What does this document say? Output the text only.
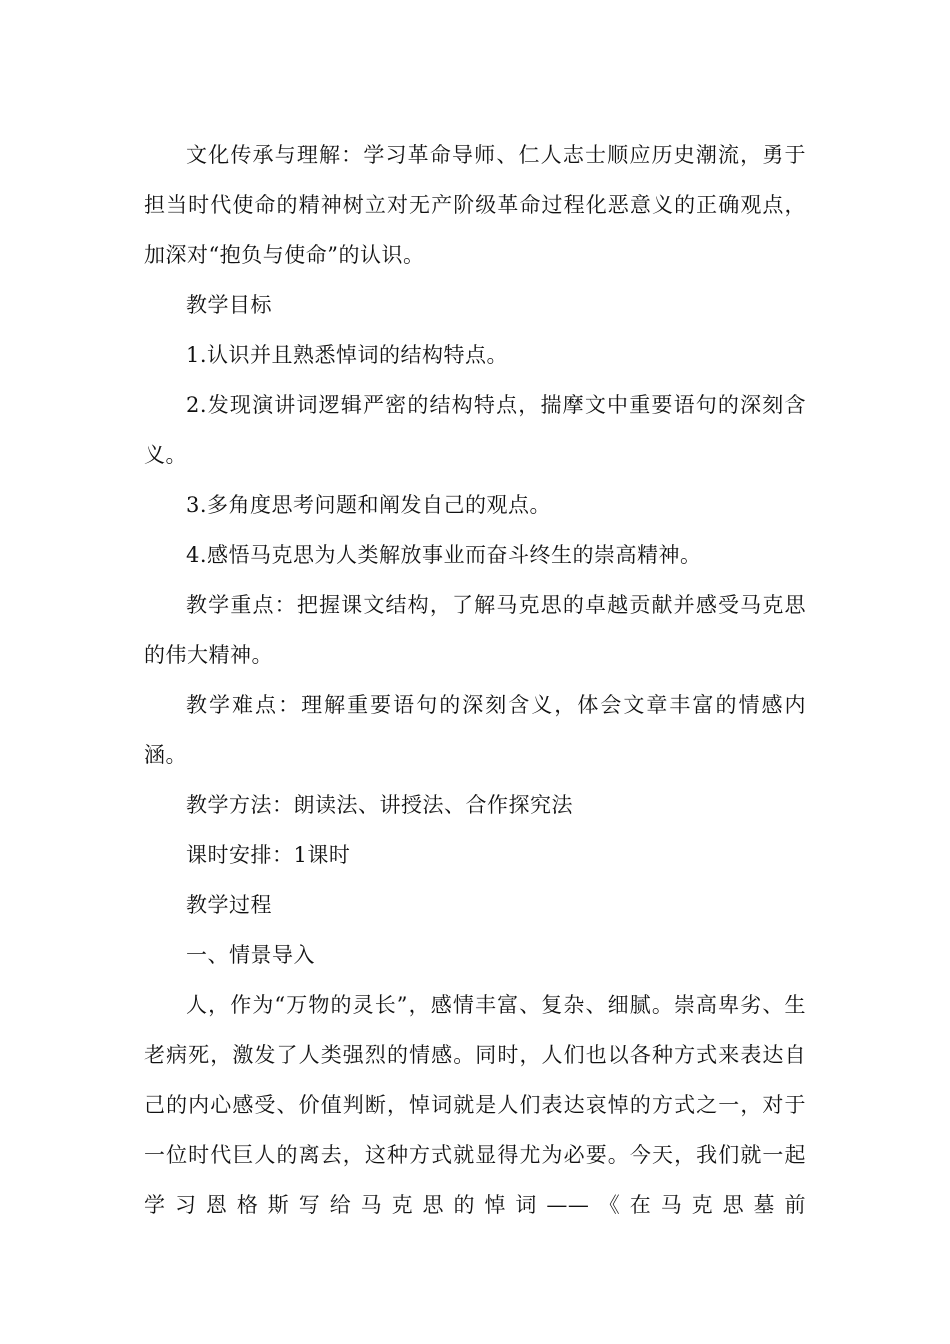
文化传承与理解：学习革命导师、仁人志士顺应历史潮流，勇于担当时代使命的精神树立对无产阶级革命过程化恶意义的正确观点，加深对“抱负与使命”的认识。

教学目标

1.认识并且熟悉悼词的结构特点。

2.发现演讲词逻辑严密的结构特点，揣摩文中重要语句的深刻含义。

3.多角度思考问题和阐发自己的观点。

4.感悟马克思为人类解放事业而奋斗终生的崇高精神。

教学重点：把握课文结构，了解马克思的卓越贡献并感受马克思的伟大精神。

教学难点：理解重要语句的深刻含义，体会文章丰富的情感内涵。

教学方法：朗读法、讲授法、合作探究法

课时安排：1课时

教学过程

一、情景导入

人，作为“万物的灵长”，感情丰富、复杂、细腻。崇高卑劣、生老病死，激发了人类强烈的情感。同时，人们也以各种方式来表达自己的内心感受、价值判断，悼词就是人们表达哀悼的方式之一，对于一位时代巨人的离去，这种方式就显得尤为必要。今天，我们就一起学习恩格斯写给马克思的悼词——《在马克思墓前
